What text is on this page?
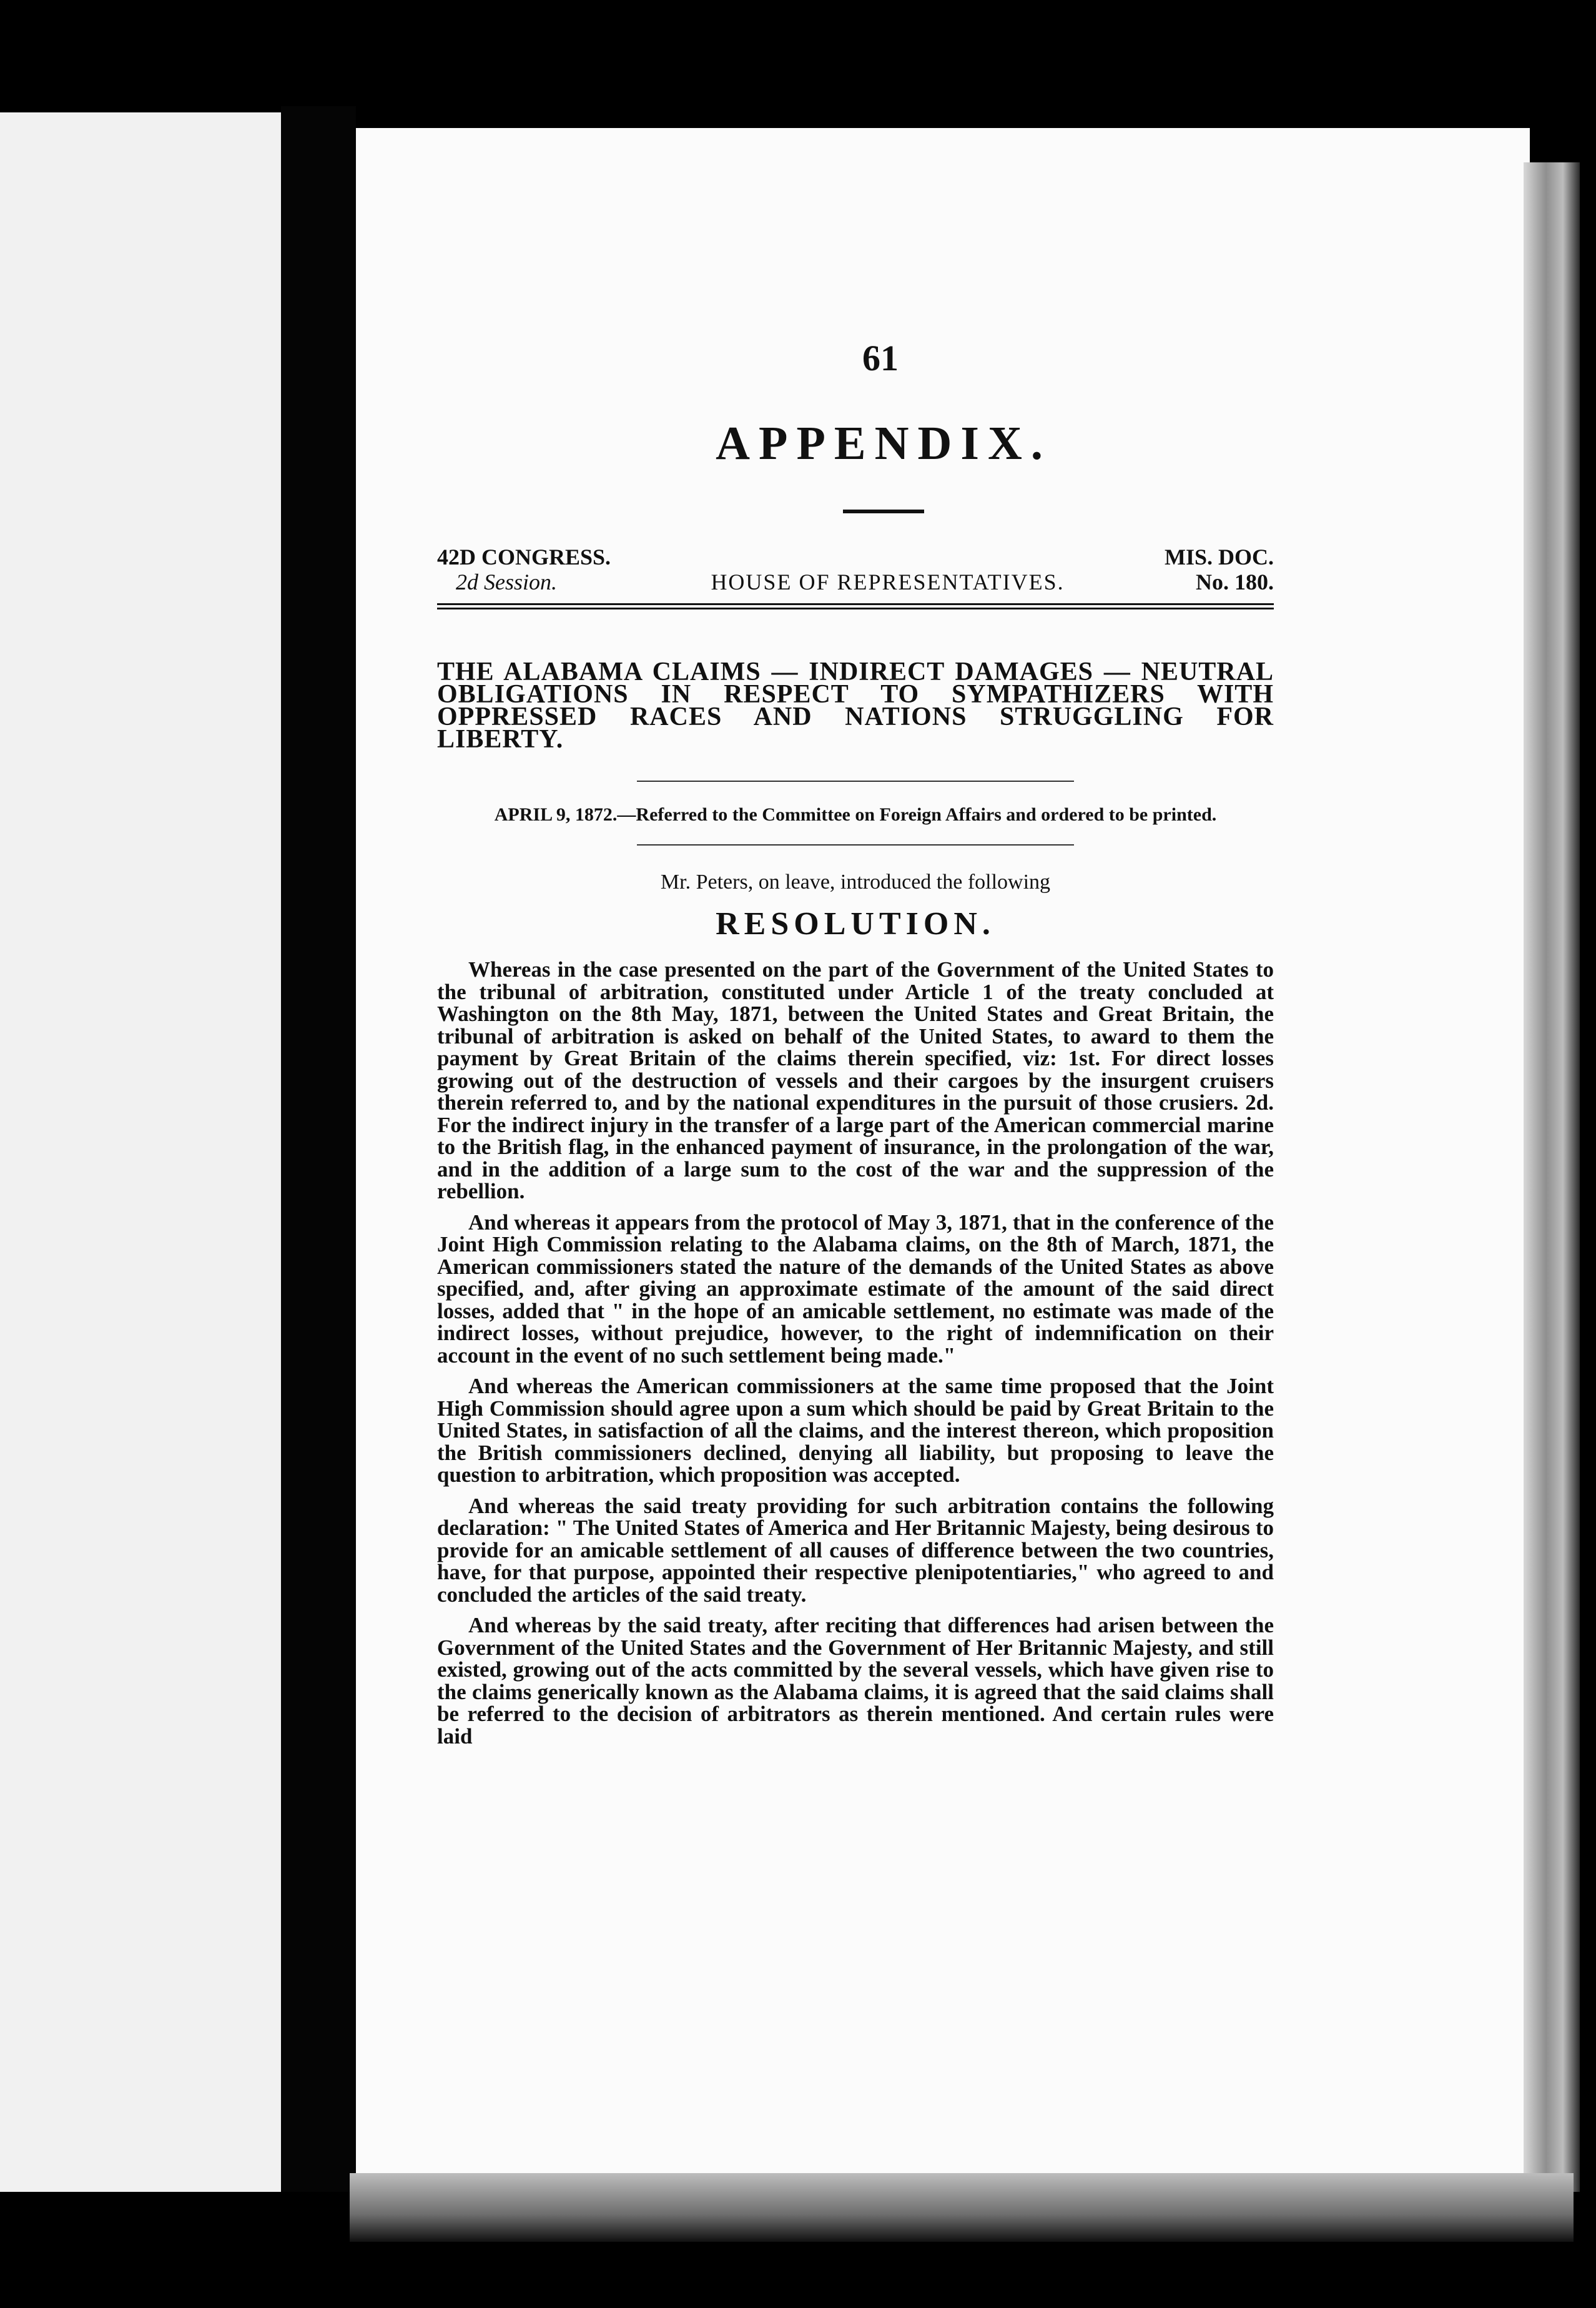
61
APPENDIX.
42D CONGRESS.
2d Session.	HOUSE OF REPRESENTATIVES.
MIS. DOC.
No. 180.
THE ALABAMA CLAIMS — INDIRECT DAMAGES — NEUTRAL OBLIGATIONS IN RESPECT TO SYMPATHIZERS WITH OPPRESSED RACES AND NATIONS STRUGGLING FOR LIBERTY.
APRIL 9, 1872.—Referred to the Committee on Foreign Affairs and ordered to be printed.
Mr. Peters, on leave, introduced the following
RESOLUTION.

Whereas in the case presented on the part of the Government of the United States to the tribunal of arbitration, constituted under Article 1 of the treaty concluded at Washington on the 8th May, 1871, between the United States and Great Britain, the tribunal of arbitration is asked on behalf of the United States, to award to them the payment by Great Britain of the claims therein specified, viz: 1st. For direct losses growing out of the destruction of vessels and their cargoes by the insurgent cruisers therein referred to, and by the national expenditures in the pursuit of those crusiers. 2d. For the indirect injury in the transfer of a large part of the American commercial marine to the British flag, in the enhanced payment of insurance, in the prolongation of the war, and in the addition of a large sum to the cost of the war and the suppression of the rebellion.

And whereas it appears from the protocol of May 3, 1871, that in the conference of the Joint High Commission relating to the Alabama claims, on the 8th of March, 1871, the American commissioners stated the nature of the demands of the United States as above specified, and, after giving an approximate estimate of the amount of the said direct losses, added that " in the hope of an amicable settlement, no estimate was made of the indirect losses, without prejudice, however, to the right of indemnification on their account in the event of no such settlement being made."

And whereas the American commissioners at the same time proposed that the Joint High Commission should agree upon a sum which should be paid by Great Britain to the United States, in satisfaction of all the claims, and the interest thereon, which proposition the British commissioners declined, denying all liability, but proposing to leave the question to arbitration, which proposition was accepted.

And whereas the said treaty providing for such arbitration contains the following declaration: " The United States of America and Her Britannic Majesty, being desirous to provide for an amicable settlement of all causes of difference between the two countries, have, for that purpose, appointed their respective plenipotentiaries," who agreed to and concluded the articles of the said treaty.

And whereas by the said treaty, after reciting that differences had arisen between the Government of the United States and the Government of Her Britannic Majesty, and still existed, growing out of the acts committed by the several vessels, which have given rise to the claims generically known as the Alabama claims, it is agreed that the said claims shall be referred to the decision of arbitrators as therein mentioned. And certain rules were laid
